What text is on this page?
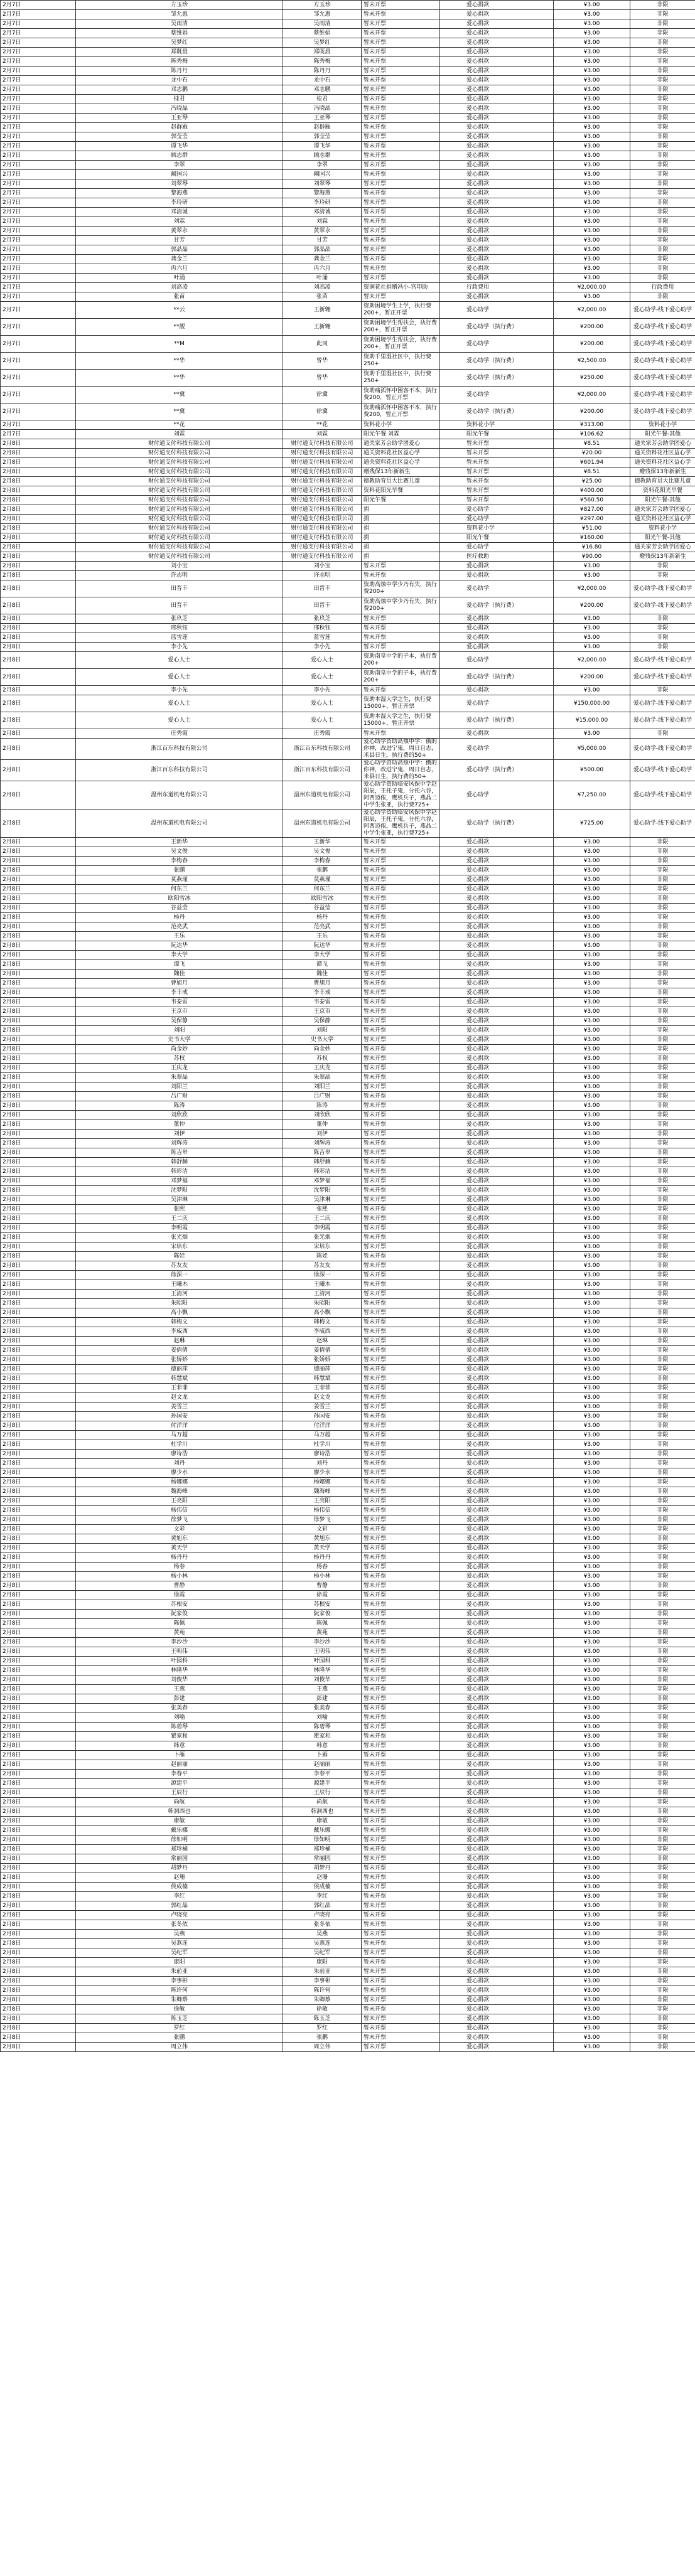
2月7日	方玉珍	方玉珍	暂未开票	爱心捐款	¥3.00	非限
2月7日	邹允惠	邹允惠	暂未开票	爱心捐款	¥3.00	非限
2月7日	吴雨清	吴雨清	暂未开票	爱心捐款	¥3.00	非限
2月7日	蔡维娟	蔡维娟	暂未开票	爱心捐款	¥3.00	非限
2月7日	吴梦红	吴梦红	暂未开票	爱心捐款	¥3.00	非限
2月7日	郑既晨	郑既晨	暂未开票	爱心捐款	¥3.00	非限
2月7日	陈秀梅	陈秀梅	暂未开票	爱心捐款	¥3.00	非限
2月7日	陈丹丹	陈丹丹	暂未开票	爱心捐款	¥3.00	非限
2月7日	龙中石	龙中石	暂未开票	爱心捐款	¥3.00	非限
2月7日	邓志鹏	邓志鹏	暂未开票	爱心捐款	¥3.00	非限
2月7日	桂君	桂君	暂未开票	爱心捐款	¥3.00	非限
2月7日	冯晓晶	冯晓晶	暂未开票	爱心捐款	¥3.00	非限
2月7日	王亚琴	王亚琴	暂未开票	爱心捐款	¥3.00	非限
2月7日	赵群雁	赵群雁	暂未开票	爱心捐款	¥3.00	非限
2月7日	郭莹莹	郭莹莹	暂未开票	爱心捐款	¥3.00	非限
2月7日	谭飞华	谭飞华	暂未开票	爱心捐款	¥3.00	非限
2月7日	顾志群	顾志群	暂未开票	爱心捐款	¥3.00	非限
2月7日	李翠	李翠	暂未开票	爱心捐款	¥3.00	非限
2月7日	阚国兴	阚国兴	暂未开票	爱心捐款	¥3.00	非限
2月7日	刘翠琴	刘翠琴	暂未开票	爱心捐款	¥3.00	非限
2月7日	黎海燕	黎海燕	暂未开票	爱心捐款	¥3.00	非限
2月7日	李玲研	李玲研	暂未开票	爱心捐款	¥3.00	非限
2月7日	邓清诚	邓清诚	暂未开票	爱心捐款	¥3.00	非限
2月7日	刘霖	刘霖	暂未开票	爱心捐款	¥3.00	非限
2月7日	黄翠永	黄翠永	暂未开票	爱心捐款	¥3.00	非限
2月7日	甘芳	甘芳	暂未开票	爱心捐款	¥3.00	非限
2月7日	郭晶晶	郭晶晶	暂未开票	爱心捐款	¥3.00	非限
2月7日	龚金兰	龚金兰	暂未开票	爱心捐款	¥3.00	非限
2月7日	冉六月	冉六月	暂未开票	爱心捐款	¥3.00	非限
2月7日	叶涌	叶涌	暂未开票	爱心捐款	¥3.00	非限
2月7日	刘高凌	刘高凌	资润花社捐赠冯小-宫印助	行政费用	¥2,000.00	行政费用
2月7日	张苗	张苗	暂未开票	爱心捐款	¥3.00	非限
2月7日	**云	王新翱	资助困境学生上学，执行费200+，暂正开票	爱心助学	¥2,000.00	爱心助学-线下爱心助学
2月7日	**靓	王新翱	资助困境学生帮扶会，执行费200+，暂正开票	爱心助学（执行费）	¥200.00	爱心助学-线下爱心助学
2月7日	**M	此同	资助困境学生帮扶会，执行费200+，暂正开票	爱心助学	¥200.00	爱心助学-线下爱心助学
2月7日	**华	曾华	资助千里湿社区中，执行费250+	爱心助学（执行费）	¥2,500.00	爱心助学-线下爱心助学
2月7日	**华	曾华	资助千里湿社区中，执行费250+	爱心助学（执行费）	¥250.00	爱心助学-线下爱心助学
2月7日	**冀	徐冀	资助痛孤怀中困客不本，执行费200，暂正开票	爱心助学	¥2,000.00	爱心助学-线下爱心助学
2月7日	**冀	徐冀	资助痛孤怀中困客不本，执行费200，暂正开票	爱心助学（执行费）	¥200.00	爱心助学-线下爱心助学
2月7日	**花	**花	资料花小学	资料花小学	¥313.00	资料花小学
2月7日	刘霖	刘霖	阳光午餐 刘霖	阳光午餐	¥106.62	阳光午餐-其他
2月8日	财付通支付科技有限公司	财付通支付科技有限公司	通关家芳会助学团爱心	暂未开票	¥8.51	通关家芳会助学团爱心
2月8日	财付通支付科技有限公司	财付通支付科技有限公司	通关资料花社区益心学	暂未开票	¥20.00	通关资料花社区益心学
2月8日	财付通支付科技有限公司	财付通支付科技有限公司	通关资料花社区益心学	暂未开票	¥601.94	通关资料花社区益心学
2月8日	财付通支付科技有限公司	财付通支付科技有限公司	赠残保13年新新生	暂未开票	¥8.51	赠残保13年新新生
2月8日	财付通支付科技有限公司	财付通支付科技有限公司	德教助育员大比赛儿童	暂未开票	¥25.00	德教助育员大比赛儿童
2月8日	财付通支付科技有限公司	财付通支付科技有限公司	资料花阳光早餐	暂未开票	¥400.00	资料花阳光早餐
2月8日	财付通支付科技有限公司	财付通支付科技有限公司	阳光午餐	暂未开票	¥560.50	阳光午餐-其他
2月8日	财付通支付科技有限公司	财付通支付科技有限公司	捐	爱心助学	¥827.00	通关家芳会助学团爱心
2月8日	财付通支付科技有限公司	财付通支付科技有限公司	捐	爱心助学	¥297.00	通关资料花社区益心学
2月8日	财付通支付科技有限公司	财付通支付科技有限公司	捐	资料花小学	¥51.00	资料花小学
2月8日	财付通支付科技有限公司	财付通支付科技有限公司	捐	阳光午餐	¥160.00	阳光午餐-其他
2月8日	财付通支付科技有限公司	财付通支付科技有限公司	捐	爱心助学	¥16.80	通关家芳会助学团爱心
2月8日	财付通支付科技有限公司	财付通支付科技有限公司	捐	医疗救助	¥90.00	赠残保13年新新生
2月8日	刘小宝	刘小宝	暂未开票	爱心捐款	¥3.00	非限
2月8日	许志明	许志明	暂未开票	爱心捐款	¥3.00	非限
2月8日	田晋丰	田晋丰	资助高烛中学少乃有失，执行费200+	爱心助学	¥2,000.00	爱心助学-线下爱心助学
2月8日	田晋丰	田晋丰	资助高烛中学少乃有失，执行费200+	爱心助学（执行费）	¥200.00	爱心助学-线下爱心助学
2月8日	张玖芝	张玖芝	暂未开票	爱心捐款	¥3.00	非限
2月8日	邢秋钰	邢秋钰	暂未开票	爱心捐款	¥3.00	非限
2月8日	蓝雪莲	蓝雪莲	暂未开票	爱心捐款	¥3.00	非限
2月8日	李小先	李小先	暂未开票	爱心捐款	¥3.00	非限
2月8日	爱心人士	爱心人士	资助南皇中学的子本，执行费200+	爱心助学	¥2,000.00	爱心助学-线下爱心助学
2月8日	爱心人士	爱心人士	资助南皇中学的子本，执行费200+	爱心助学（执行费）	¥200.00	爱心助学-线下爱心助学
2月8日	李小先	李小先	暂未开票	爱心捐款	¥3.00	非限
2月8日	爱心人士	爱心人士	资助本湿大学之生，执行费15000+，暂正开票	爱心助学	¥150,000.00	爱心助学-线下爱心助学
2月8日	爱心人士	爱心人士	资助本湿大学之生，执行费15000+，暂正开票	爱心助学（执行费）	¥15,000.00	爱心助学-线下爱心助学
2月8日	庄秀霞	庄秀霞	暂未开票	爱心捐款	¥3.00	非限
2月8日	浙江百东科技有限公司	浙江百东科技有限公司	爱心助学资助高烛中学：俄的你神，改进宁鬼，周日自志，米县日生，执行费的50+	爱心助学	¥5,000.00	爱心助学-线下爱心助学
2月8日	浙江百东科技有限公司	浙江百东科技有限公司	爱心助学资助高烛中学：俄的你神，改进宁鬼，周日自志，米县日生，执行费的50+	爱心助学（执行费）	¥500.00	爱心助学-线下爱心助学
2月8日	温州东道机电有限公司	温州东道机电有限公司	爱心助学资助临安风保中学赵阳辰，王托子鬼，分托六谷，阿西迈侬，鹰机兵子，燕晶二中学生张亚，执行费725+	爱心助学	¥7,250.00	爱心助学-线下爱心助学
2月8日	温州东道机电有限公司	温州东道机电有限公司	爱心助学资助临安风保中学赵阳辰，王托子鬼，分托六谷，阿西迈侬，鹰机兵子，燕晶二中学生张亚，执行费725+	爱心助学（执行费）	¥725.00	爱心助学-线下爱心助学
2月8日	王新华	王新华	暂未开票	爱心捐款	¥3.00	非限
2月8日	吴文俊	吴文俊	暂未开票	爱心捐款	¥3.00	非限
2月8日	李梅春	李梅春	暂未开票	爱心捐款	¥3.00	非限
2月8日	张鹏	张鹏	暂未开票	爱心捐款	¥3.00	非限
2月8日	莫燕瑾	莫燕瑾	暂未开票	爱心捐款	¥3.00	非限
2月8日	何东兰	何东兰	暂未开票	爱心捐款	¥3.00	非限
2月8日	欧阳雪冰	欧阳雪冰	暂未开票	爱心捐款	¥3.00	非限
2月8日	谷益莹	谷益莹	暂未开票	爱心捐款	¥3.00	非限
2月8日	杨丹	杨丹	暂未开票	爱心捐款	¥3.00	非限
2月8日	范亮武	范亮武	暂未开票	爱心捐款	¥3.00	非限
2月8日	王乐	王乐	暂未开票	爱心捐款	¥3.00	非限
2月8日	阮达华	阮达华	暂未开票	爱心捐款	¥3.00	非限
2月8日	李大学	李大学	暂未开票	爱心捐款	¥3.00	非限
2月8日	谭飞	谭飞	暂未开票	爱心捐款	¥3.00	非限
2月8日	魏佳	魏佳	暂未开票	爱心捐款	¥3.00	非限
2月8日	曹旭月	曹旭月	暂未开票	爱心捐款	¥3.00	非限
2月8日	李丰戒	李丰戒	暂未开票	爱心捐款	¥3.00	非限
2月8日	韦泰雷	韦泰雷	暂未开票	爱心捐款	¥3.00	非限
2月8日	王京市	王京市	暂未开票	爱心捐款	¥3.00	非限
2月8日	吴保静	吴保静	暂未开票	爱心捐款	¥3.00	非限
2月8日	刘阳	刘阳	暂未开票	爱心捐款	¥3.00	非限
2月8日	史书大学	史书大学	暂未开票	爱心捐款	¥3.00	非限
2月8日	尚金妙	尚金妙	暂未开票	爱心捐款	¥3.00	非限
2月8日	苏权	苏权	暂未开票	爱心捐款	¥3.00	非限
2月8日	王庆龙	王庆龙	暂未开票	爱心捐款	¥3.00	非限
2月8日	朱翠晶	朱翠晶	暂未开票	爱心捐款	¥3.00	非限
2月8日	刘阳兰	刘阳兰	暂未开票	爱心捐款	¥3.00	非限
2月8日	吕广财	吕广财	暂未开票	爱心捐款	¥3.00	非限
2月8日	陈涛	陈涛	暂未开票	爱心捐款	¥3.00	非限
2月8日	刘欣欣	刘欣欣	暂未开票	爱心捐款	¥3.00	非限
2月8日	董仲	董仲	暂未开票	爱心捐款	¥3.00	非限
2月8日	刘伊	刘伊	暂未开票	爱心捐款	¥3.00	非限
2月8日	刘辉涛	刘辉涛	暂未开票	爱心捐款	¥3.00	非限
2月8日	陈吉皋	陈吉皋	暂未开票	爱心捐款	¥3.00	非限
2月8日	韩舒赫	韩舒赫	暂未开票	爱心捐款	¥3.00	非限
2月8日	韩彩洁	韩彩洁	暂未开票	爱心捐款	¥3.00	非限
2月8日	邓梦福	邓梦福	暂未开票	爱心捐款	¥3.00	非限
2月8日	沈梦阳	沈梦阳	暂未开票	爱心捐款	¥3.00	非限
2月8日	吴津琳	吴津琳	暂未开票	爱心捐款	¥3.00	非限
2月8日	张熙	张熙	暂未开票	爱心捐款	¥3.00	非限
2月8日	王二庆	王二庆	暂未开票	爱心捐款	¥3.00	非限
2月8日	李明霞	李明霞	暂未开票	爱心捐款	¥3.00	非限
2月8日	张光烟	张光烟	暂未开票	爱心捐款	¥3.00	非限
2月8日	宋培东	宋培东	暂未开票	爱心捐款	¥3.00	非限
2月8日	陈娃	陈娃	暂未开票	爱心捐款	¥3.00	非限
2月8日	苏友友	苏友友	暂未开票	爱心捐款	¥3.00	非限
2月8日	徐深一	徐深一	暂未开票	爱心捐款	¥3.00	非限
2月8日	王曦木	王曦木	暂未开票	爱心捐款	¥3.00	非限
2月8日	王清河	王清河	暂未开票	爱心捐款	¥3.00	非限
2月8日	朱昭阳	朱昭阳	暂未开票	爱心捐款	¥3.00	非限
2月8日	高小飘	高小飘	暂未开票	爱心捐款	¥3.00	非限
2月8日	韩梅文	韩梅文	暂未开票	爱心捐款	¥3.00	非限
2月8日	李威西	李威西	暂未开票	爱心捐款	¥3.00	非限
2月8日	赵琳	赵琳	暂未开票	爱心捐款	¥3.00	非限
2月8日	姜倩倩	姜倩倩	暂未开票	爱心捐款	¥3.00	非限
2月8日	张娇娇	张娇娇	暂未开票	爱心捐款	¥3.00	非限
2月8日	德丽萍	德丽萍	暂未开票	爱心捐款	¥3.00	非限
2月8日	韩慧斌	韩慧斌	暂未开票	爱心捐款	¥3.00	非限
2月8日	王菲菲	王菲菲	暂未开票	爱心捐款	¥3.00	非限
2月8日	赵文龙	赵文龙	暂未开票	爱心捐款	¥3.00	非限
2月8日	姜雪兰	姜雪兰	暂未开票	爱心捐款	¥3.00	非限
2月8日	孙国安	孙国安	暂未开票	爱心捐款	¥3.00	非限
2月8日	付洋洋	付洋洋	暂未开票	爱心捐款	¥3.00	非限
2月8日	马万超	马万超	暂未开票	爱心捐款	¥3.00	非限
2月8日	杜学川	杜学川	暂未开票	爱心捐款	¥3.00	非限
2月8日	廖诗浩	廖诗浩	暂未开票	爱心捐款	¥3.00	非限
2月8日	刘丹	刘丹	暂未开票	爱心捐款	¥3.00	非限
2月8日	廖少水	廖少水	暂未开票	爱心捐款	¥3.00	非限
2月8日	杨娜娜	杨娜娜	暂未开票	爱心捐款	¥3.00	非限
2月8日	魏海峰	魏海峰	暂未开票	爱心捐款	¥3.00	非限
2月8日	王亮阳	王亮阳	暂未开票	爱心捐款	¥3.00	非限
2月8日	杨伟信	杨伟信	暂未开票	爱心捐款	¥3.00	非限
2月8日	徐梦飞	徐梦飞	暂未开票	爱心捐款	¥3.00	非限
2月8日	文彩	文彩	暂未开票	爱心捐款	¥3.00	非限
2月8日	黄旭东	黄旭东	暂未开票	爱心捐款	¥3.00	非限
2月8日	黄天学	黄天学	暂未开票	爱心捐款	¥3.00	非限
2月8日	杨丹丹	杨丹丹	暂未开票	爱心捐款	¥3.00	非限
2月8日	杨春	杨春	暂未开票	爱心捐款	¥3.00	非限
2月8日	杨小林	杨小林	暂未开票	爱心捐款	¥3.00	非限
2月8日	曹静	曹静	暂未开票	爱心捐款	¥3.00	非限
2月8日	徐霞	徐霞	暂未开票	爱心捐款	¥3.00	非限
2月8日	苏根安	苏根安	暂未开票	爱心捐款	¥3.00	非限
2月8日	阮家俊	阮家俊	暂未开票	爱心捐款	¥3.00	非限
2月8日	陈佩	陈佩	暂未开票	爱心捐款	¥3.00	非限
2月8日	黄苑	黄苑	暂未开票	爱心捐款	¥3.00	非限
2月8日	李沙沙	李沙沙	暂未开票	爱心捐款	¥3.00	非限
2月8日	王明伟	王明伟	暂未开票	爱心捐款	¥3.00	非限
2月8日	叶园科	叶园科	暂未开票	爱心捐款	¥3.00	非限
2月8日	林隆华	林隆华	暂未开票	爱心捐款	¥3.00	非限
2月8日	刘俊华	刘俊华	暂未开票	爱心捐款	¥3.00	非限
2月8日	王燕	王燕	暂未开票	爱心捐款	¥3.00	非限
2月8日	彭建	彭建	暂未开票	爱心捐款	¥3.00	非限
2月8日	张美春	张美春	暂未开票	爱心捐款	¥3.00	非限
2月8日	刘喻	刘喻	暂未开票	爱心捐款	¥3.00	非限
2月8日	陈碧琴	陈碧琴	暂未开票	爱心捐款	¥3.00	非限
2月8日	瞿家和	瞿家和	暂未开票	爱心捐款	¥3.00	非限
2月8日	韩意	韩意	暂未开票	爱心捐款	¥3.00	非限
2月8日	卜雁	卜雁	暂未开票	爱心捐款	¥3.00	非限
2月8日	赵丽丽	赵丽丽	暂未开票	爱心捐款	¥3.00	非限
2月8日	李春平	李春平	暂未开票	爱心捐款	¥3.00	非限
2月8日	源建平	源建平	暂未开票	爱心捐款	¥3.00	非限
2月8日	王辰行	王辰行	暂未开票	爱心捐款	¥3.00	非限
2月8日	尚航	尚航	暂未开票	爱心捐款	¥3.00	非限
2月8日	韩洞西也	韩洞西也	暂未开票	爱心捐款	¥3.00	非限
2月8日	康敏	康敏	暂未开票	爱心捐款	¥3.00	非限
2月8日	戴乐娜	戴乐娜	暂未开票	爱心捐款	¥3.00	非限
2月8日	徐如明	徐如明	暂未开票	爱心捐款	¥3.00	非限
2月8日	郑珍桶	郑珍桶	暂未开票	爱心捐款	¥3.00	非限
2月8日	常丽园	常丽园	暂未开票	爱心捐款	¥3.00	非限
2月8日	胡梦丹	胡梦丹	暂未开票	爱心捐款	¥3.00	非限
2月8日	赵珊	赵珊	暂未开票	爱心捐款	¥3.00	非限
2月8日	侯成楠	侯成楠	暂未开票	爱心捐款	¥3.00	非限
2月8日	李红	李红	暂未开票	爱心捐款	¥3.00	非限
2月8日	郭红晶	郭红晶	暂未开票	爱心捐款	¥3.00	非限
2月8日	卢晓亮	卢晓亮	暂未开票	爱心捐款	¥3.00	非限
2月8日	张冬依	张冬依	暂未开票	爱心捐款	¥3.00	非限
2月8日	吴燕	吴燕	暂未开票	爱心捐款	¥3.00	非限
2月8日	吴燕连	吴燕连	暂未开票	爱心捐款	¥3.00	非限
2月8日	吴纪军	吴纪军	暂未开票	爱心捐款	¥3.00	非限
2月8日	康阳	康阳	暂未开票	爱心捐款	¥3.00	非限
2月8日	朱前亚	朱前亚	暂未开票	爱心捐款	¥3.00	非限
2月8日	李事彬	李事彬	暂未开票	爱心捐款	¥3.00	非限
2月8日	陈许何	陈许何	暂未开票	爱心捐款	¥3.00	非限
2月8日	朱卿蔡	朱卿蔡	暂未开票	爱心捐款	¥3.00	非限
2月8日	徐敏	徐敏	暂未开票	爱心捐款	¥3.00	非限
2月8日	陈玉芝	陈玉芝	暂未开票	爱心捐款	¥3.00	非限
2月8日	罗红	罗红	暂未开票	爱心捐款	¥3.00	非限
2月8日	张鹏	张鹏	暂未开票	爱心捐款	¥3.00	非限
2月8日	周立伟	周立伟	暂未开票	爱心捐款	¥3.00	非限
